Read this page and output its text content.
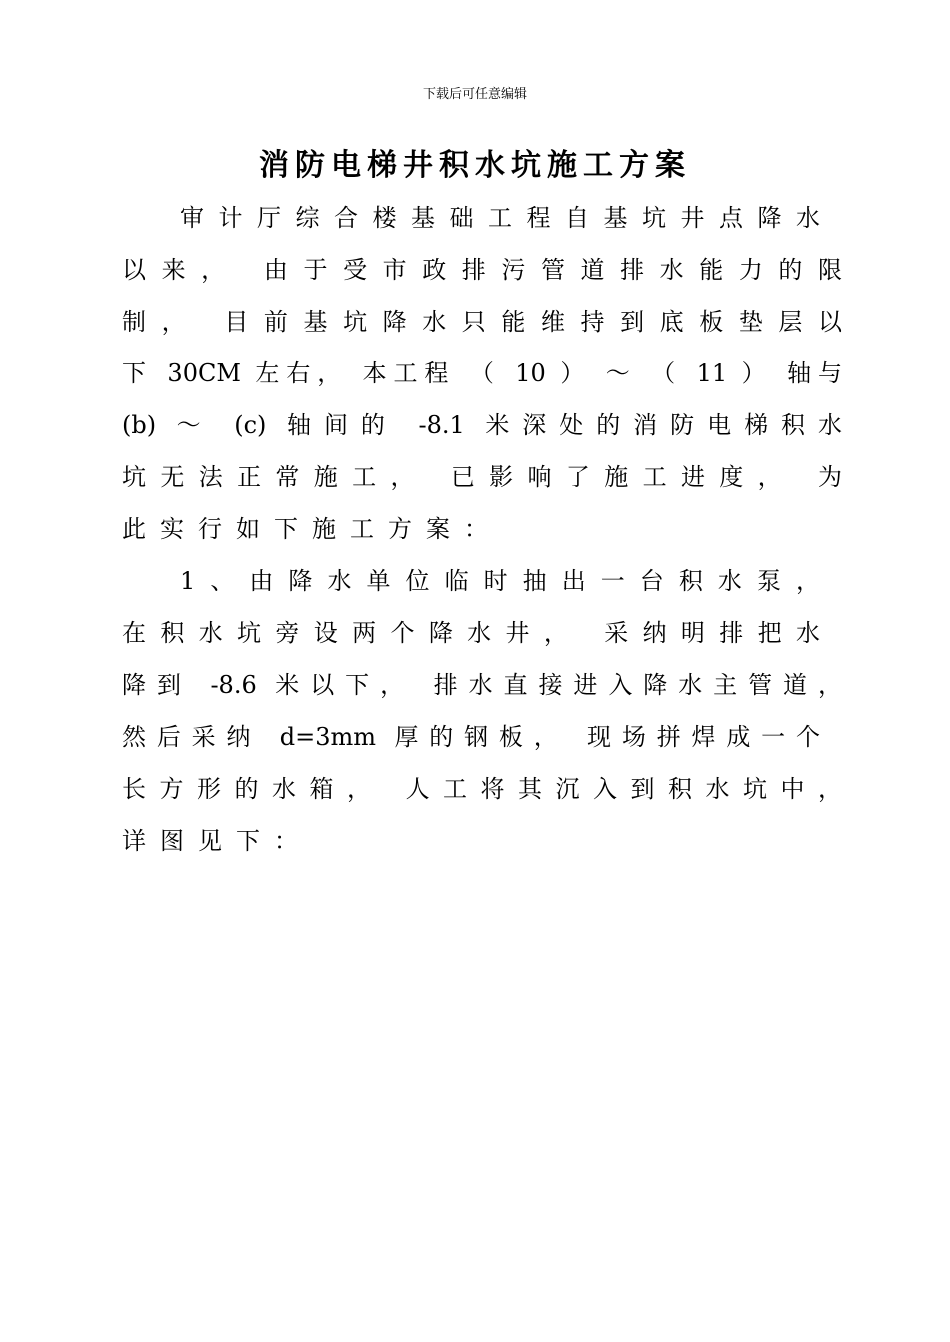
下载后可任意编辑
消防电梯井积水坑施工方案
审计厅综合楼基础工程自基坑井点降水
以来， 由于受市政排污管道排水能力的限
制， 目前基坑降水只能维持到底板垫层以
下 30CM 左右， 本工程 （ 10 ） ～ （ 11 ） 轴与
(b) ～ (c) 轴间的 -8.1 米深处的消防电梯积水
坑无法正常施工， 已影响了施工进度， 为
此实行如下施工方案：
1、由降水单位临时抽出一台积水泵，
在积水坑旁设两个降水井， 采纳明排把水
降到 -8.6 米以下， 排水直接进入降水主管道，
然后采纳 d=3mm 厚的钢板， 现场拼焊成一个
长方形的水箱， 人工将其沉入到积水坑中，
详图见下：
